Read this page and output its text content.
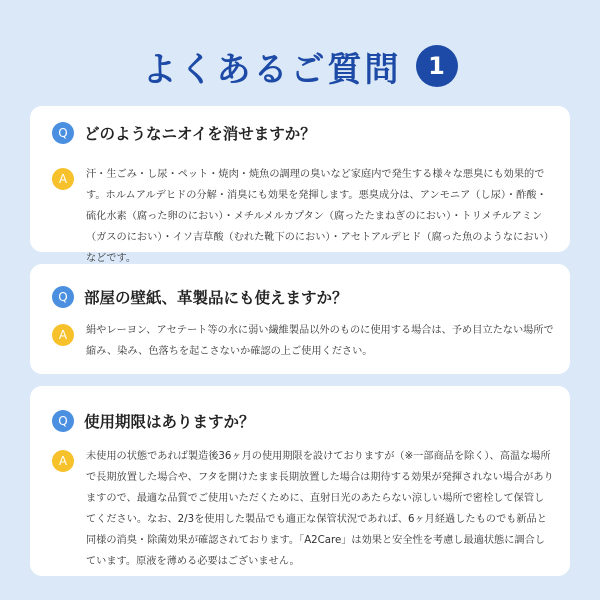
よくあるご質問	1
Q	どのようなニオイを消せますか？
A	汗・生ごみ・し尿・ペット・焼肉・焼魚の調理の臭いなど家庭内で発生する様々な悪臭にも効果的です。ホルムアルデヒドの分解・消臭にも効果を発揮します。悪臭成分は、アンモニア（し尿）・酢酸・硫化水素（腐った卵のにおい）・メチルメルカプタン（腐ったたまねぎのにおい）・トリメチルアミン（ガスのにおい）・イソ吉草酸（むれた靴下のにおい）・アセトアルデヒド（腐った魚のようなにおい）などです。
Q	部屋の壁紙、革製品にも使えますか？
A	絹やレーヨン、アセテート等の水に弱い繊維製品以外のものに使用する場合は、予め目立たない場所で縮み、染み、色落ちを起こさないか確認の上ご使用ください。
Q	使用期限はありますか？
A	未使用の状態であれば製造後36ヶ月の使用期限を設けておりますが（※一部商品を除く）、高温な場所で長期放置した場合や、フタを開けたまま長期放置した場合は期待する効果が発揮されない場合がありますので、最適な品質でご使用いただくために、直射日光のあたらない涼しい場所で密栓して保管してください。なお、2/3を使用した製品でも適正な保管状況であれば、6ヶ月経過したものでも新品と同様の消臭・除菌効果が確認されております。「A2Care」は効果と安全性を考慮し最適状態に調合しています。原液を薄める必要はございません。
